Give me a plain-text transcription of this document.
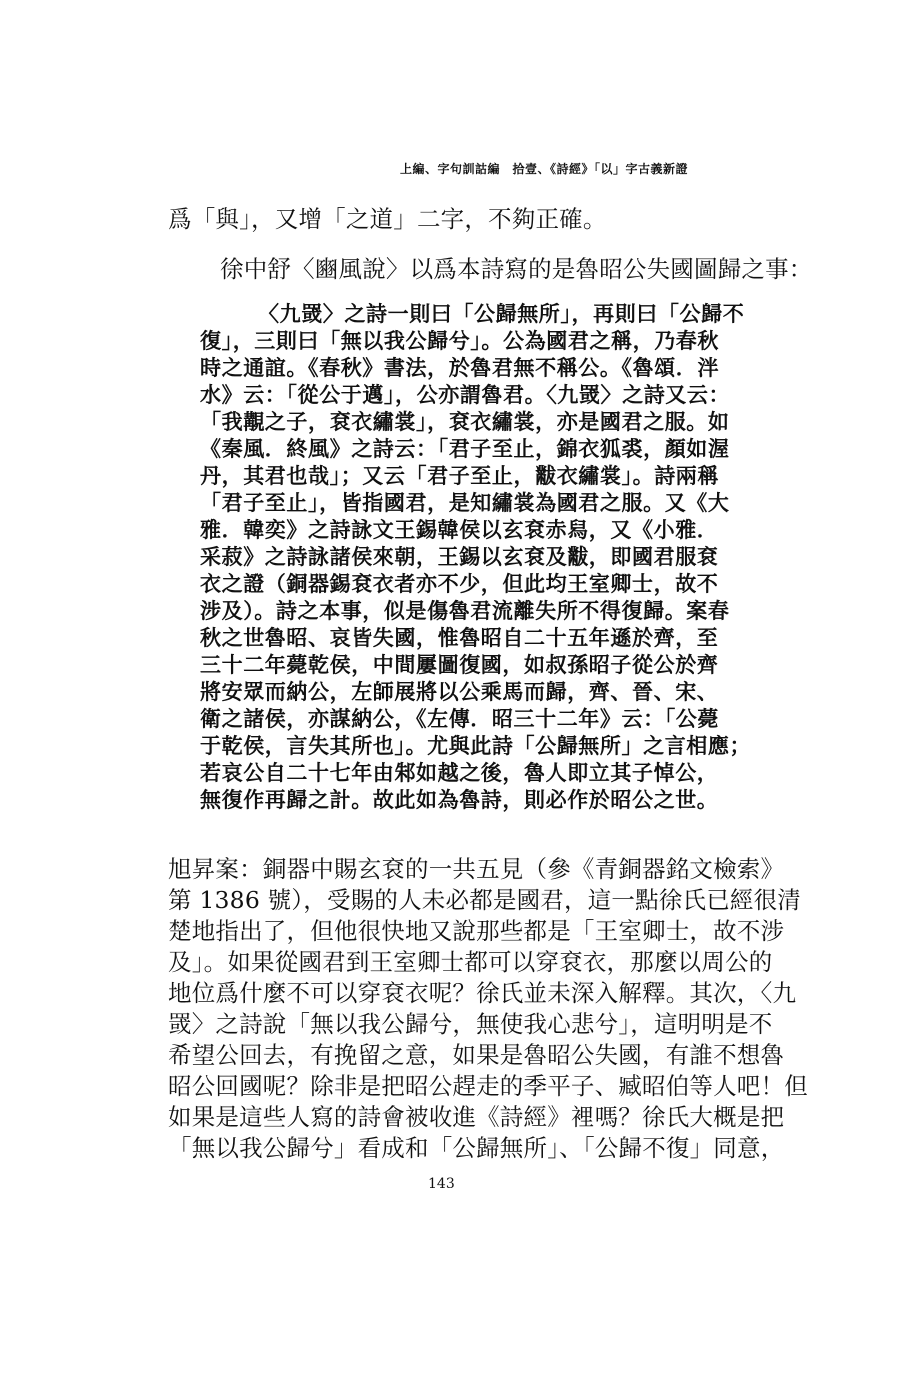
上編、字句訓詁編　拾壹、《詩經》「以」字古義新證
爲「與」，又增「之道」二字，不夠正確。
徐中舒〈豳風說〉以爲本詩寫的是魯昭公失國圖歸之事：
〈九罭〉之詩一則曰「公歸無所」，再則曰「公歸不
復」，三則曰「無以我公歸兮」。公為國君之稱，乃春秋
時之通誼。《春秋》書法，於魯君無不稱公。《魯頌．泮
水》云：「從公于邁」，公亦謂魯君。〈九罭〉之詩又云：
「我覯之子，袞衣繡裳」，袞衣繡裳，亦是國君之服。如
《秦風．終風》之詩云：「君子至止，錦衣狐裘，顏如渥
丹，其君也哉」；又云「君子至止，黻衣繡裳」。詩兩稱
「君子至止」，皆指國君，是知繡裳為國君之服。又《大
雅．韓奕》之詩詠文王錫韓侯以玄袞赤舄，又《小雅．
采菽》之詩詠諸侯來朝，王錫以玄袞及黻，即國君服袞
衣之證（銅器錫袞衣者亦不少，但此均王室卿士，故不
涉及）。詩之本事，似是傷魯君流離失所不得復歸。案春
秋之世魯昭、哀皆失國，惟魯昭自二十五年遜於齊，至
三十二年薨乾侯，中間屢圖復國，如叔孫昭子從公於齊
將安眾而納公，左師展將以公乘馬而歸，齊、晉、宋、
衛之諸侯，亦謀納公，《左傳．昭三十二年》云：「公薨
于乾侯，言失其所也」。尤與此詩「公歸無所」之言相應；
若哀公自二十七年由邾如越之後，魯人即立其子悼公，
無復作再歸之計。故此如為魯詩，則必作於昭公之世。
旭昇案：銅器中賜玄袞的一共五見（參《青銅器銘文檢索》
第 1386 號），受賜的人未必都是國君，這一點徐氏已經很清
楚地指出了，但他很快地又說那些都是「王室卿士，故不涉
及」。如果從國君到王室卿士都可以穿袞衣，那麼以周公的
地位爲什麼不可以穿袞衣呢？徐氏並未深入解釋。其次，〈九
罭〉之詩說「無以我公歸兮，無使我心悲兮」，這明明是不
希望公回去，有挽留之意，如果是魯昭公失國，有誰不想魯
昭公回國呢？除非是把昭公趕走的季平子、臧昭伯等人吧！但
如果是這些人寫的詩會被收進《詩經》裡嗎？徐氏大概是把
「無以我公歸兮」看成和「公歸無所」、「公歸不復」同意，
143
